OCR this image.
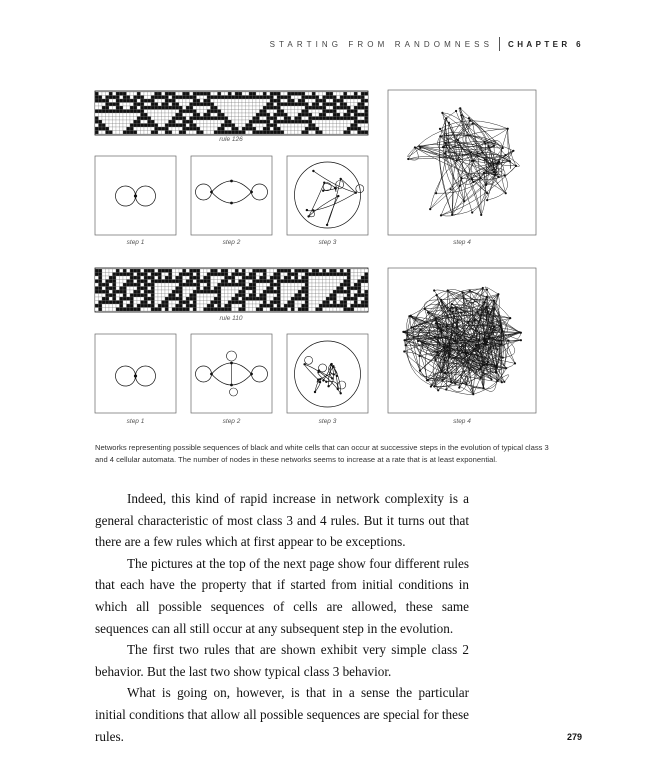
STARTING FROM RANDOMNESS CHAPTER 6
rule 126
step 1	step 2	step 3	step 4
rule 110
step 1	step 2	step 3	step 4

Networks representing possible sequences of black and white cells that can occur at successive steps in the evolution of typical class 3 and 4 cellular automata. The number of nodes in these networks seems to increase at a rate that is at least exponential.

Indeed, this kind of rapid increase in network complexity is a general characteristic of most class 3 and 4 rules. But it turns out that there are a few rules which at first appear to be exceptions.

The pictures at the top of the next page show four different rules that each have the property that if started from initial conditions in which all possible sequences of cells are allowed, these same sequences can all still occur at any subsequent step in the evolution.

The first two rules that are shown exhibit very simple class 2 behavior. But the last two show typical class 3 behavior.

What is going on, however, is that in a sense the particular initial conditions that allow all possible sequences are special for these rules.	279
